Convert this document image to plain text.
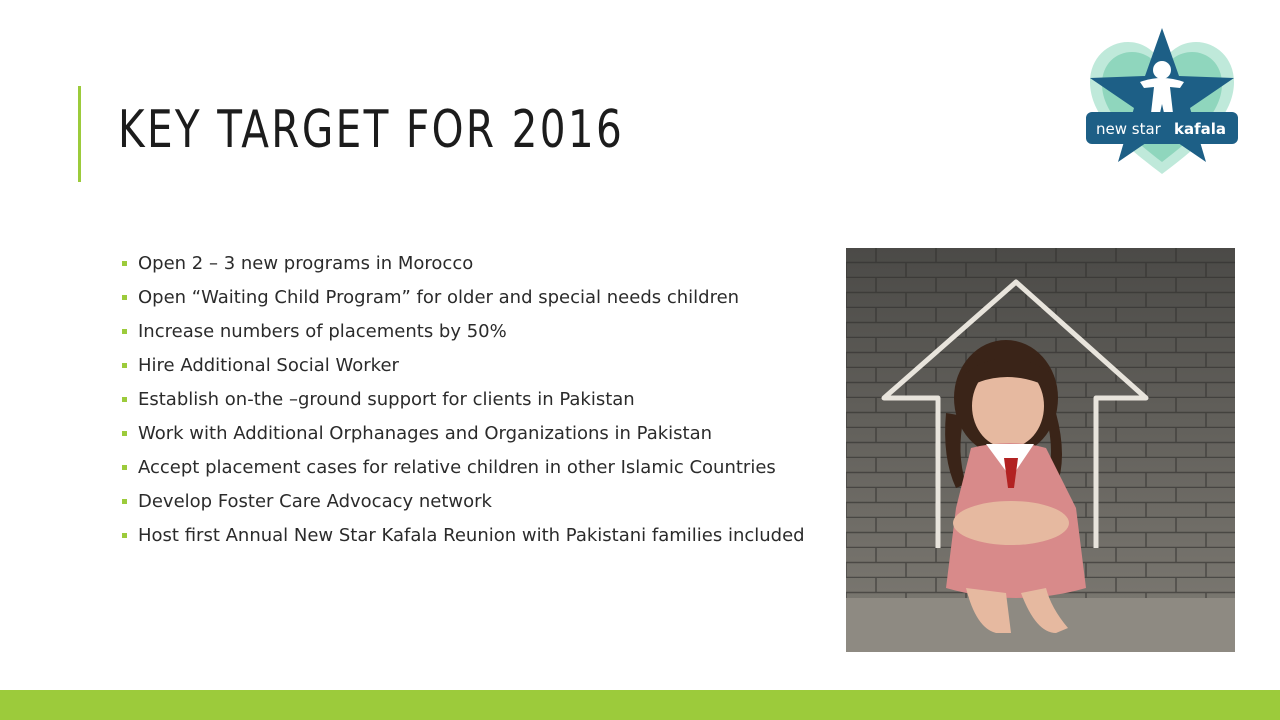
KEY TARGET FOR 2016
Open 2 – 3 new programs in Morocco
Open “Waiting Child Program” for older and special needs children
Increase numbers of placements by 50%
Hire Additional Social Worker
Establish on-the –ground support for clients in Pakistan
Work with Additional Orphanages and Organizations in Pakistan
Accept placement cases for relative children in other Islamic Countries
Develop Foster Care Advocacy network
Host first Annual New Star Kafala Reunion with Pakistani families included
new star kafala
